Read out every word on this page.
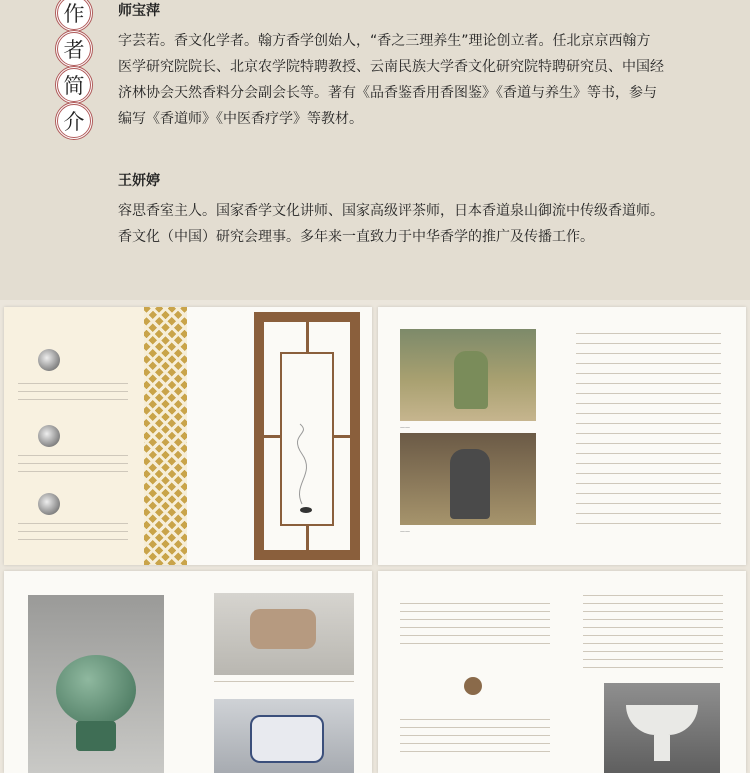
作
者
简
介
师宝萍
字芸若。香文化学者。翰方香学创始人，“香之三理养生”理论创立者。任北京京西翰方
医学研究院院长、北京农学院特聘教授、云南民族大学香文化研究院特聘研究员、中国经
济林协会天然香料分会副会长等。著有《品香鉴香用香图鉴》《香道与养生》等书，参与
编写《香道师》《中医香疗学》等教材。
王妍婷
容思香室主人。国家香学文化讲师、国家高级评茶师，日本香道泉山御流中传级香道师。
香文化（中国）研究会理事。多年来一直致力于中华香学的推广及传播工作。
——
——
